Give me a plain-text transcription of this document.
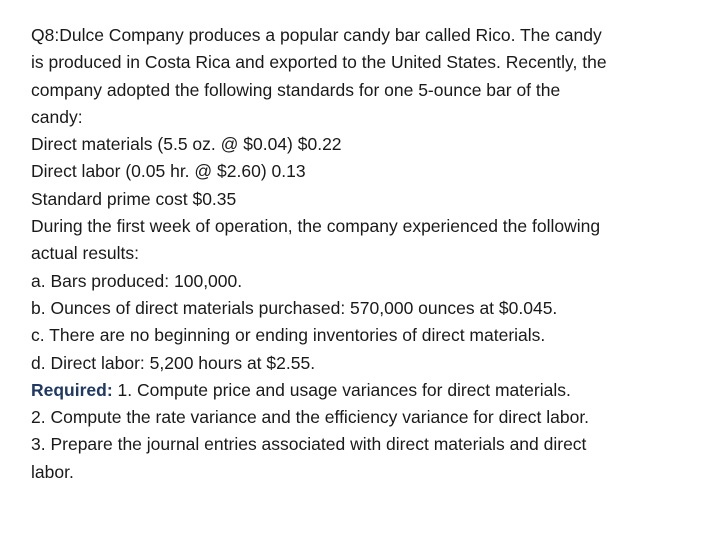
Q8:Dulce Company produces a popular candy bar called Rico. The candy
is produced in Costa Rica and exported to the United States. Recently, the
company adopted the following standards for one 5-ounce bar of the
candy:
Direct materials (5.5 oz. @ $0.04) $0.22
Direct labor (0.05 hr. @ $2.60) 0.13
Standard prime cost $0.35
During the first week of operation, the company experienced the following
actual results:
a. Bars produced: 100,000.
b. Ounces of direct materials purchased: 570,000 ounces at $0.045.
c. There are no beginning or ending inventories of direct materials.
d. Direct labor: 5,200 hours at $2.55.
Required: 1. Compute price and usage variances for direct materials.
2. Compute the rate variance and the efficiency variance for direct labor.
3. Prepare the journal entries associated with direct materials and direct
labor.
